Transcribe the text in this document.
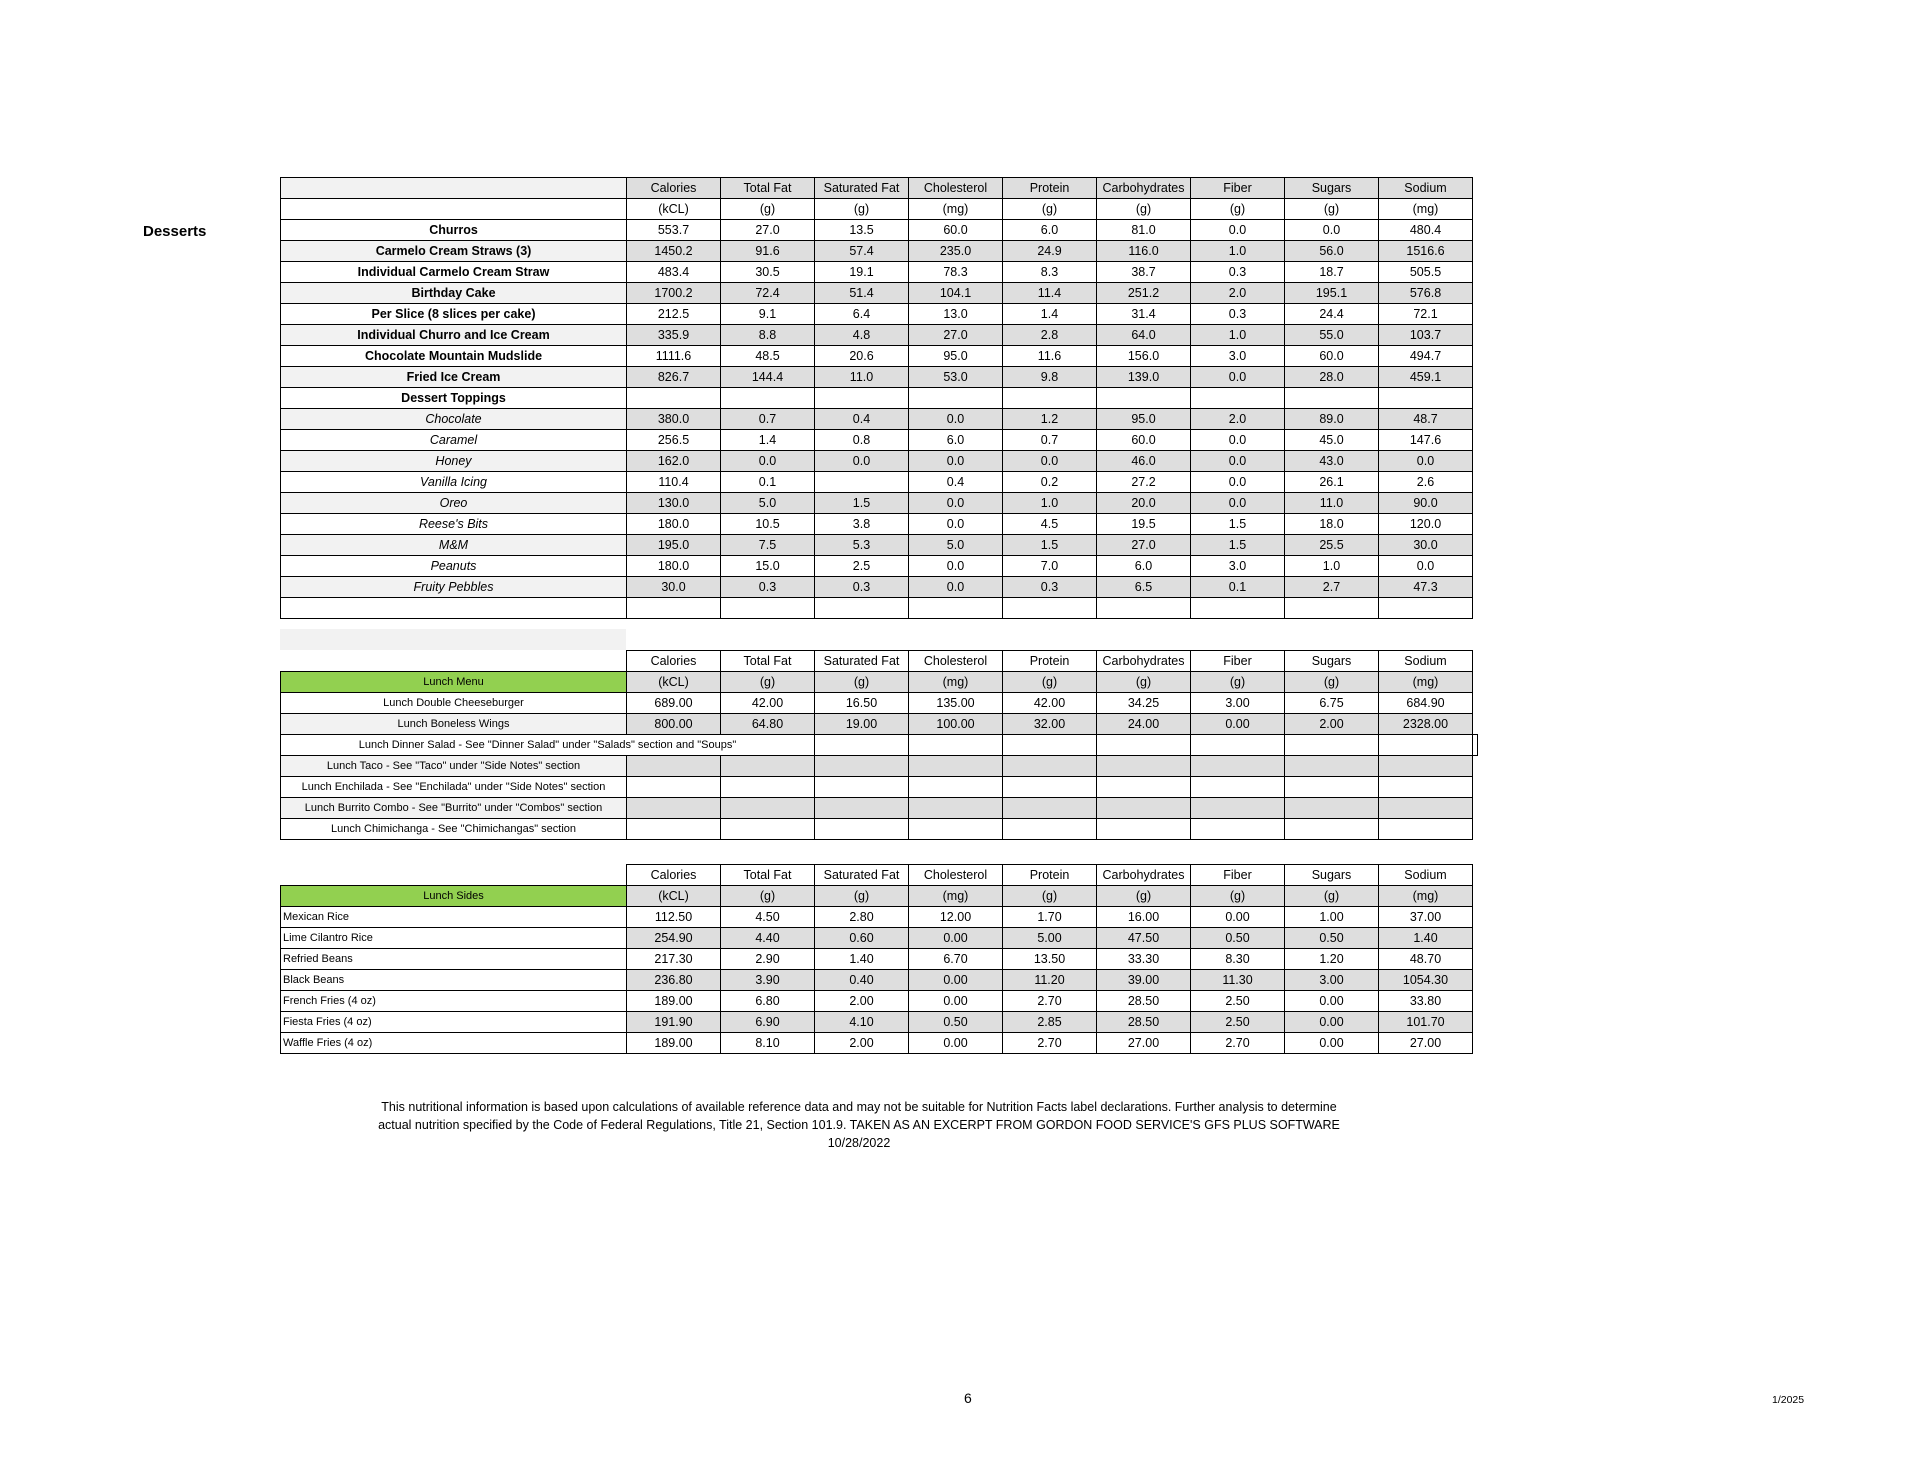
Desserts
	Calories	Total Fat	Saturated Fat	Cholesterol	Protein	Carbohydrates	Fiber	Sugars	Sodium
	(kCL)	(g)	(g)	(mg)	(g)	(g)	(g)	(g)	(mg)
Churros	553.7	27.0	13.5	60.0	6.0	81.0	0.0	0.0	480.4
Carmelo Cream Straws (3)	1450.2	91.6	57.4	235.0	24.9	116.0	1.0	56.0	1516.6
Individual Carmelo Cream Straw	483.4	30.5	19.1	78.3	8.3	38.7	0.3	18.7	505.5
Birthday Cake	1700.2	72.4	51.4	104.1	11.4	251.2	2.0	195.1	576.8
Per Slice (8 slices per cake)	212.5	9.1	6.4	13.0	1.4	31.4	0.3	24.4	72.1
Individual Churro and Ice Cream	335.9	8.8	4.8	27.0	2.8	64.0	1.0	55.0	103.7
Chocolate Mountain Mudslide	1111.6	48.5	20.6	95.0	11.6	156.0	3.0	60.0	494.7
Fried Ice Cream	826.7	144.4	11.0	53.0	9.8	139.0	0.0	28.0	459.1
Dessert Toppings									
Chocolate	380.0	0.7	0.4	0.0	1.2	95.0	2.0	89.0	48.7
Caramel	256.5	1.4	0.8	6.0	0.7	60.0	0.0	45.0	147.6
Honey	162.0	0.0	0.0	0.0	0.0	46.0	0.0	43.0	0.0
Vanilla Icing	110.4	0.1		0.4	0.2	27.2	0.0	26.1	2.6
Oreo	130.0	5.0	1.5	0.0	1.0	20.0	0.0	11.0	90.0
Reese's Bits	180.0	10.5	3.8	0.0	4.5	19.5	1.5	18.0	120.0
M&M	195.0	7.5	5.3	5.0	1.5	27.0	1.5	25.5	30.0
Peanuts	180.0	15.0	2.5	0.0	7.0	6.0	3.0	1.0	0.0
Fruity Pebbles	30.0	0.3	0.3	0.0	0.3	6.5	0.1	2.7	47.3

	Calories	Total Fat	Saturated Fat	Cholesterol	Protein	Carbohydrates	Fiber	Sugars	Sodium	
Lunch Menu	(kCL)	(g)	(g)	(mg)	(g)	(g)	(g)	(g)	(mg)	
Lunch Double Cheeseburger	689.00	42.00	16.50	135.00	42.00	34.25	3.00	6.75	684.90	
Lunch Boneless Wings	800.00	64.80	19.00	100.00	32.00	24.00	0.00	2.00	2328.00	
Lunch Dinner Salad - See "Dinner Salad" under "Salads" section and "Soups"										
Lunch Taco - See "Taco" under "Side Notes" section										
Lunch Enchilada - See "Enchilada" under "Side Notes" section										
Lunch Burrito Combo - See "Burrito" under "Combos" section										
Lunch Chimichanga - See "Chimichangas" section										
	Calories	Total Fat	Saturated Fat	Cholesterol	Protein	Carbohydrates	Fiber	Sugars	Sodium
Lunch Sides	(kCL)	(g)	(g)	(mg)	(g)	(g)	(g)	(g)	(mg)
Mexican Rice	112.50	4.50	2.80	12.00	1.70	16.00	0.00	1.00	37.00
Lime Cilantro Rice	254.90	4.40	0.60	0.00	5.00	47.50	0.50	0.50	1.40
Refried Beans	217.30	2.90	1.40	6.70	13.50	33.30	8.30	1.20	48.70
Black Beans	236.80	3.90	0.40	0.00	11.20	39.00	11.30	3.00	1054.30
French Fries (4 oz)	189.00	6.80	2.00	0.00	2.70	28.50	2.50	0.00	33.80
Fiesta Fries (4 oz)	191.90	6.90	4.10	0.50	2.85	28.50	2.50	0.00	101.70
Waffle Fries (4 oz)	189.00	8.10	2.00	0.00	2.70	27.00	2.70	0.00	27.00
This nutritional information is based upon calculations of available reference data and may not be suitable for Nutrition Facts label declarations. Further analysis to determine
actual nutrition specified by the Code of Federal Regulations, Title 21, Section 101.9. TAKEN AS AN EXCERPT FROM GORDON FOOD SERVICE'S GFS PLUS SOFTWARE
10/28/2022
6	1/2025
